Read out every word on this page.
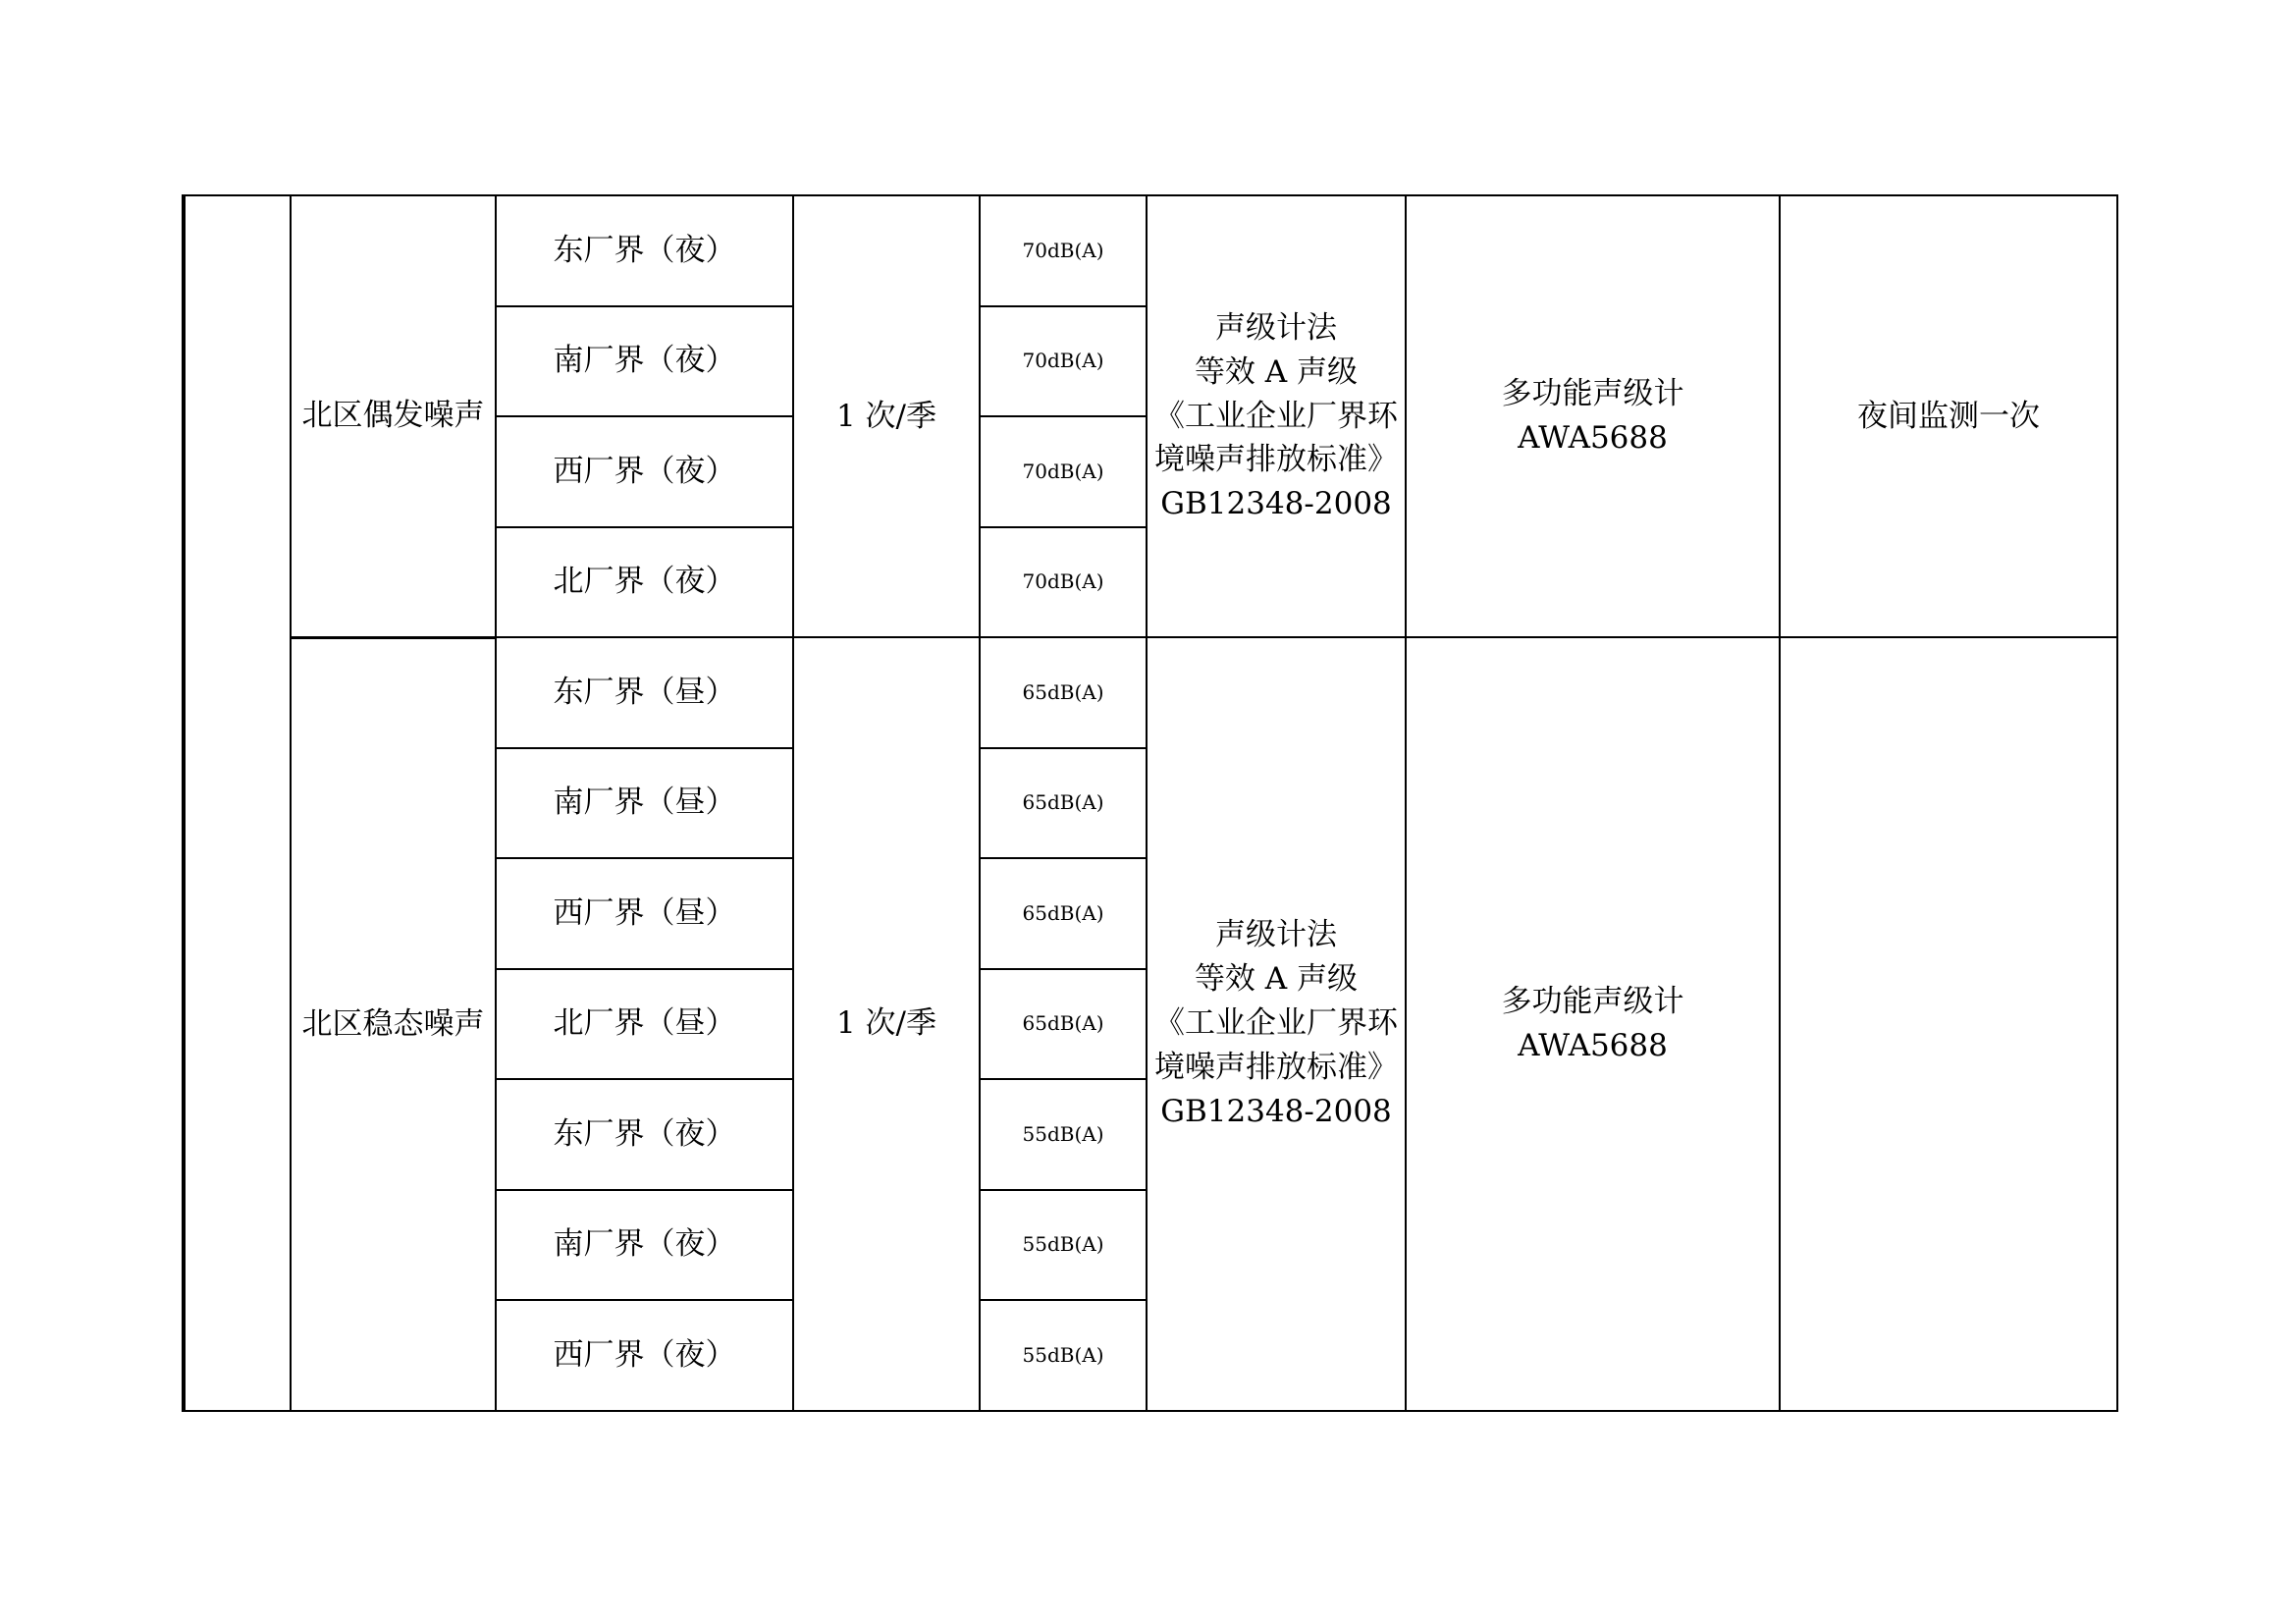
	北区偶发噪声	东厂界（夜）	1 次/季	70dB(A)	声级计法
等效 A 声级
《工业企业厂界环境噪声排放标准》
GB12348-2008	多功能声级计
AWA5688	夜间监测一次
		南厂界（夜）		70dB(A)			
		西厂界（夜）		70dB(A)			
		北厂界（夜）		70dB(A)			
	北区稳态噪声	东厂界（昼）	1 次/季	65dB(A)	声级计法
等效 A 声级
《工业企业厂界环境噪声排放标准》
GB12348-2008	多功能声级计
AWA5688	
		南厂界（昼）		65dB(A)			
		西厂界（昼）		65dB(A)			
		北厂界（昼）		65dB(A)			
		东厂界（夜）		55dB(A)			
		南厂界（夜）		55dB(A)			
		西厂界（夜）		55dB(A)			
